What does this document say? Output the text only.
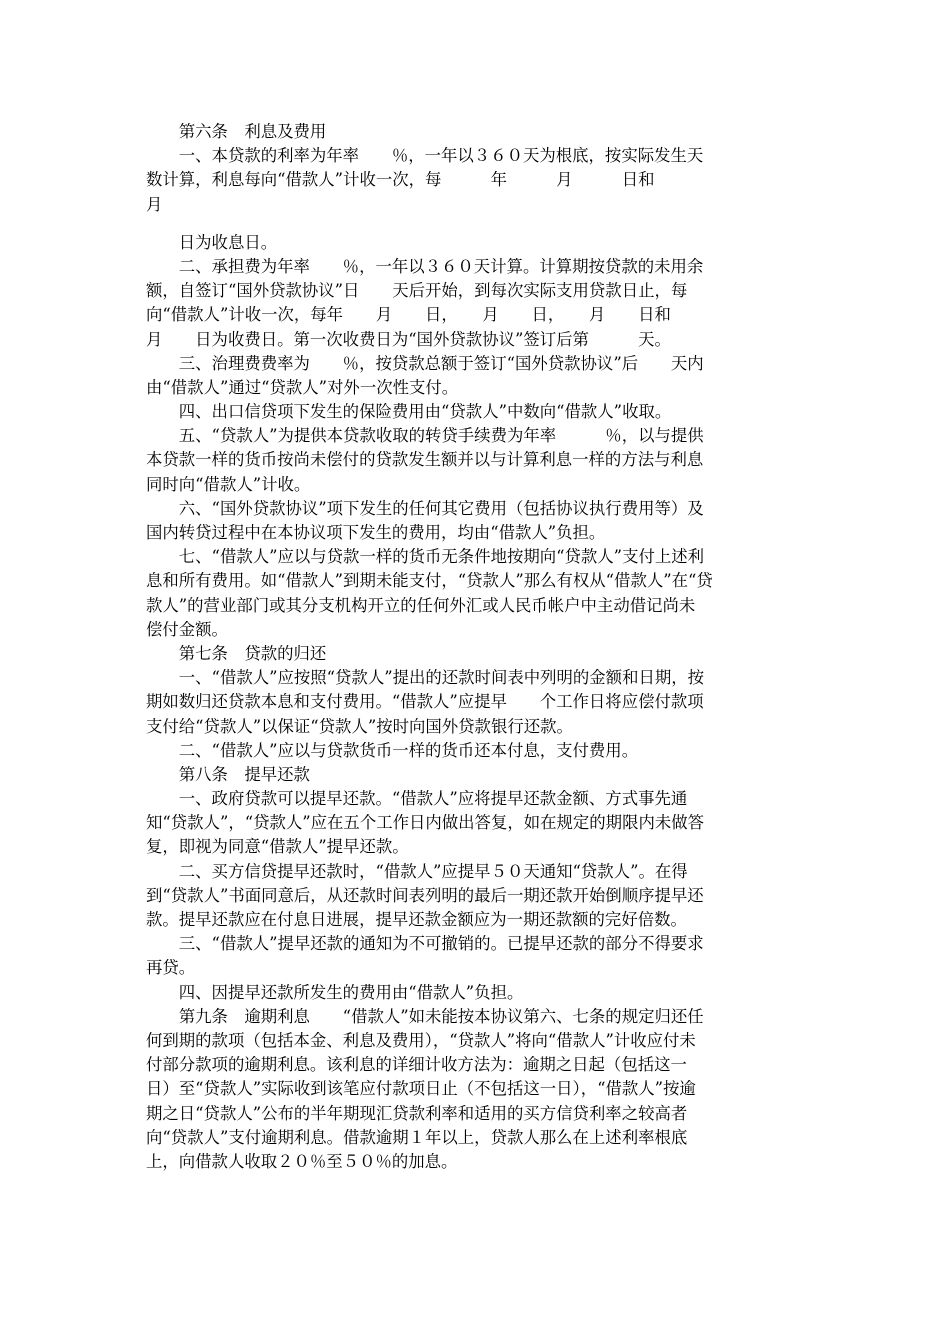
　　第六条　利息及费用
　　一、本贷款的利率为年率　　％，一年以３６０天为根底，按实际发生天
数计算，利息每向“借款人”计收一次，每　　　年　　　月　　　日和
月
　　日为收息日。
　　二、承担费为年率　　％，一年以３６０天计算。计算期按贷款的未用余
额，自签订“国外贷款协议”日　　天后开始，到每次实际支用贷款日止，每
向“借款人”计收一次，每年　　月　　日，　　月　　日，　　月　　日和
月　　日为收费日。第一次收费日为“国外贷款协议”签订后第　　　天。
　　三、治理费费率为　　％，按贷款总额于签订“国外贷款协议”后　　天内
由“借款人”通过“贷款人”对外一次性支付。
　　四、出口信贷项下发生的保险费用由“贷款人”中数向“借款人”收取。
　　五、“贷款人”为提供本贷款收取的转贷手续费为年率　　　％，以与提供
本贷款一样的货币按尚未偿付的贷款发生额并以与计算利息一样的方法与利息
同时向“借款人”计收。
　　六、“国外贷款协议”项下发生的任何其它费用（包括协议执行费用等）及
国内转贷过程中在本协议项下发生的费用，均由“借款人”负担。
　　七、“借款人”应以与贷款一样的货币无条件地按期向“贷款人”支付上述利
息和所有费用。如“借款人”到期未能支付，“贷款人”那么有权从“借款人”在“贷
款人”的营业部门或其分支机构开立的任何外汇或人民币帐户中主动借记尚未
偿付金额。
　　第七条　贷款的归还
　　一、“借款人”应按照“贷款人”提出的还款时间表中列明的金额和日期，按
期如数归还贷款本息和支付费用。“借款人”应提早　　个工作日将应偿付款项
支付给“贷款人”以保证“贷款人”按时向国外贷款银行还款。
　　二、“借款人”应以与贷款货币一样的货币还本付息，支付费用。
　　第八条　提早还款
　　一、政府贷款可以提早还款。“借款人”应将提早还款金额、方式事先通
知“贷款人”，“贷款人”应在五个工作日内做出答复，如在规定的期限内未做答
复，即视为同意“借款人”提早还款。
　　二、买方信贷提早还款时，“借款人”应提早５０天通知“贷款人”。在得
到“贷款人”书面同意后，从还款时间表列明的最后一期还款开始倒顺序提早还
款。提早还款应在付息日进展，提早还款金额应为一期还款额的完好倍数。
　　三、“借款人”提早还款的通知为不可撤销的。已提早还款的部分不得要求
再贷。
　　四、因提早还款所发生的费用由“借款人”负担。
　　第九条　逾期利息　　“借款人”如未能按本协议第六、七条的规定归还任
何到期的款项（包括本金、利息及费用），“贷款人”将向“借款人”计收应付未
付部分款项的逾期利息。该利息的详细计收方法为：逾期之日起（包括这一
日）至“贷款人”实际收到该笔应付款项日止（不包括这一日），“借款人”按逾
期之日“贷款人”公布的半年期现汇贷款利率和适用的买方信贷利率之较高者
向“贷款人”支付逾期利息。借款逾期１年以上，贷款人那么在上述利率根底
上，向借款人收取２０％至５０％的加息。
